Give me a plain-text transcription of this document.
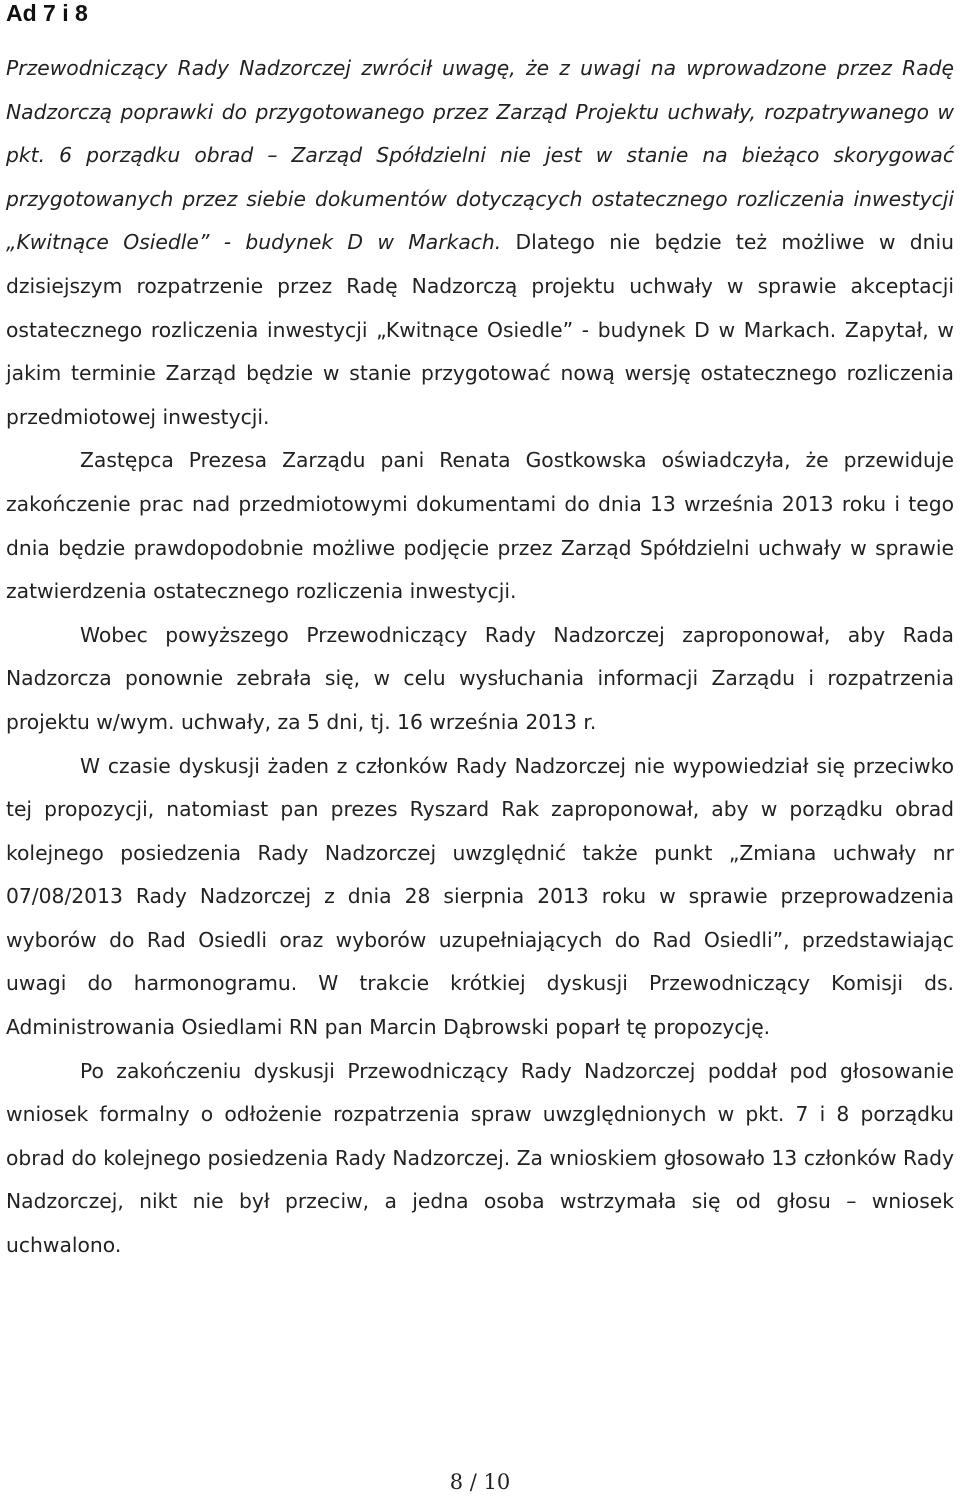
Ad 7 i 8

Przewodniczący Rady Nadzorczej zwrócił uwagę, że z uwagi na wprowadzone przez Radę Nadzorczą poprawki do przygotowanego przez Zarząd Projektu uchwały, rozpatrywanego w pkt. 6 porządku obrad – Zarząd Spółdzielni nie jest w stanie na bieżąco skorygować przygotowanych przez siebie dokumentów dotyczących ostatecznego rozliczenia inwestycji „Kwitnące Osiedle” - budynek D w Markach. Dlatego nie będzie też możliwe w dniu dzisiejszym rozpatrzenie przez Radę Nadzorczą projektu uchwały w sprawie akceptacji ostatecznego rozliczenia inwestycji „Kwitnące Osiedle” - budynek D w Markach. Zapytał, w jakim terminie Zarząd będzie w stanie przygotować nową wersję ostatecznego rozliczenia przedmiotowej inwestycji.

Zastępca Prezesa Zarządu pani Renata Gostkowska oświadczyła, że przewiduje zakończenie prac nad przedmiotowymi dokumentami do dnia 13 września 2013 roku i tego dnia będzie prawdopodobnie możliwe podjęcie przez Zarząd Spółdzielni uchwały w sprawie zatwierdzenia ostatecznego rozliczenia inwestycji.

Wobec powyższego Przewodniczący Rady Nadzorczej zaproponował, aby Rada Nadzorcza ponownie zebrała się, w celu wysłuchania informacji Zarządu i rozpatrzenia projektu w/wym. uchwały, za 5 dni, tj. 16 września 2013 r.

W czasie dyskusji żaden z członków Rady Nadzorczej nie wypowiedział się przeciwko tej propozycji, natomiast pan prezes Ryszard Rak zaproponował, aby w porządku obrad kolejnego posiedzenia Rady Nadzorczej uwzględnić także punkt „Zmiana uchwały nr 07/08/2013 Rady Nadzorczej z dnia 28 sierpnia 2013 roku w sprawie przeprowadzenia wyborów do Rad Osiedli oraz wyborów uzupełniających do Rad Osiedli”, przedstawiając uwagi do harmonogramu. W trakcie krótkiej dyskusji Przewodniczący Komisji ds. Administrowania Osiedlami RN pan Marcin Dąbrowski poparł tę propozycję.

Po zakończeniu dyskusji Przewodniczący Rady Nadzorczej poddał pod głosowanie wniosek formalny o odłożenie rozpatrzenia spraw uwzględnionych w pkt. 7 i 8 porządku obrad do kolejnego posiedzenia Rady Nadzorczej. Za wnioskiem głosowało 13 członków Rady Nadzorczej, nikt nie był przeciw, a jedna osoba wstrzymała się od głosu – wniosek uchwalono.

8 / 10
